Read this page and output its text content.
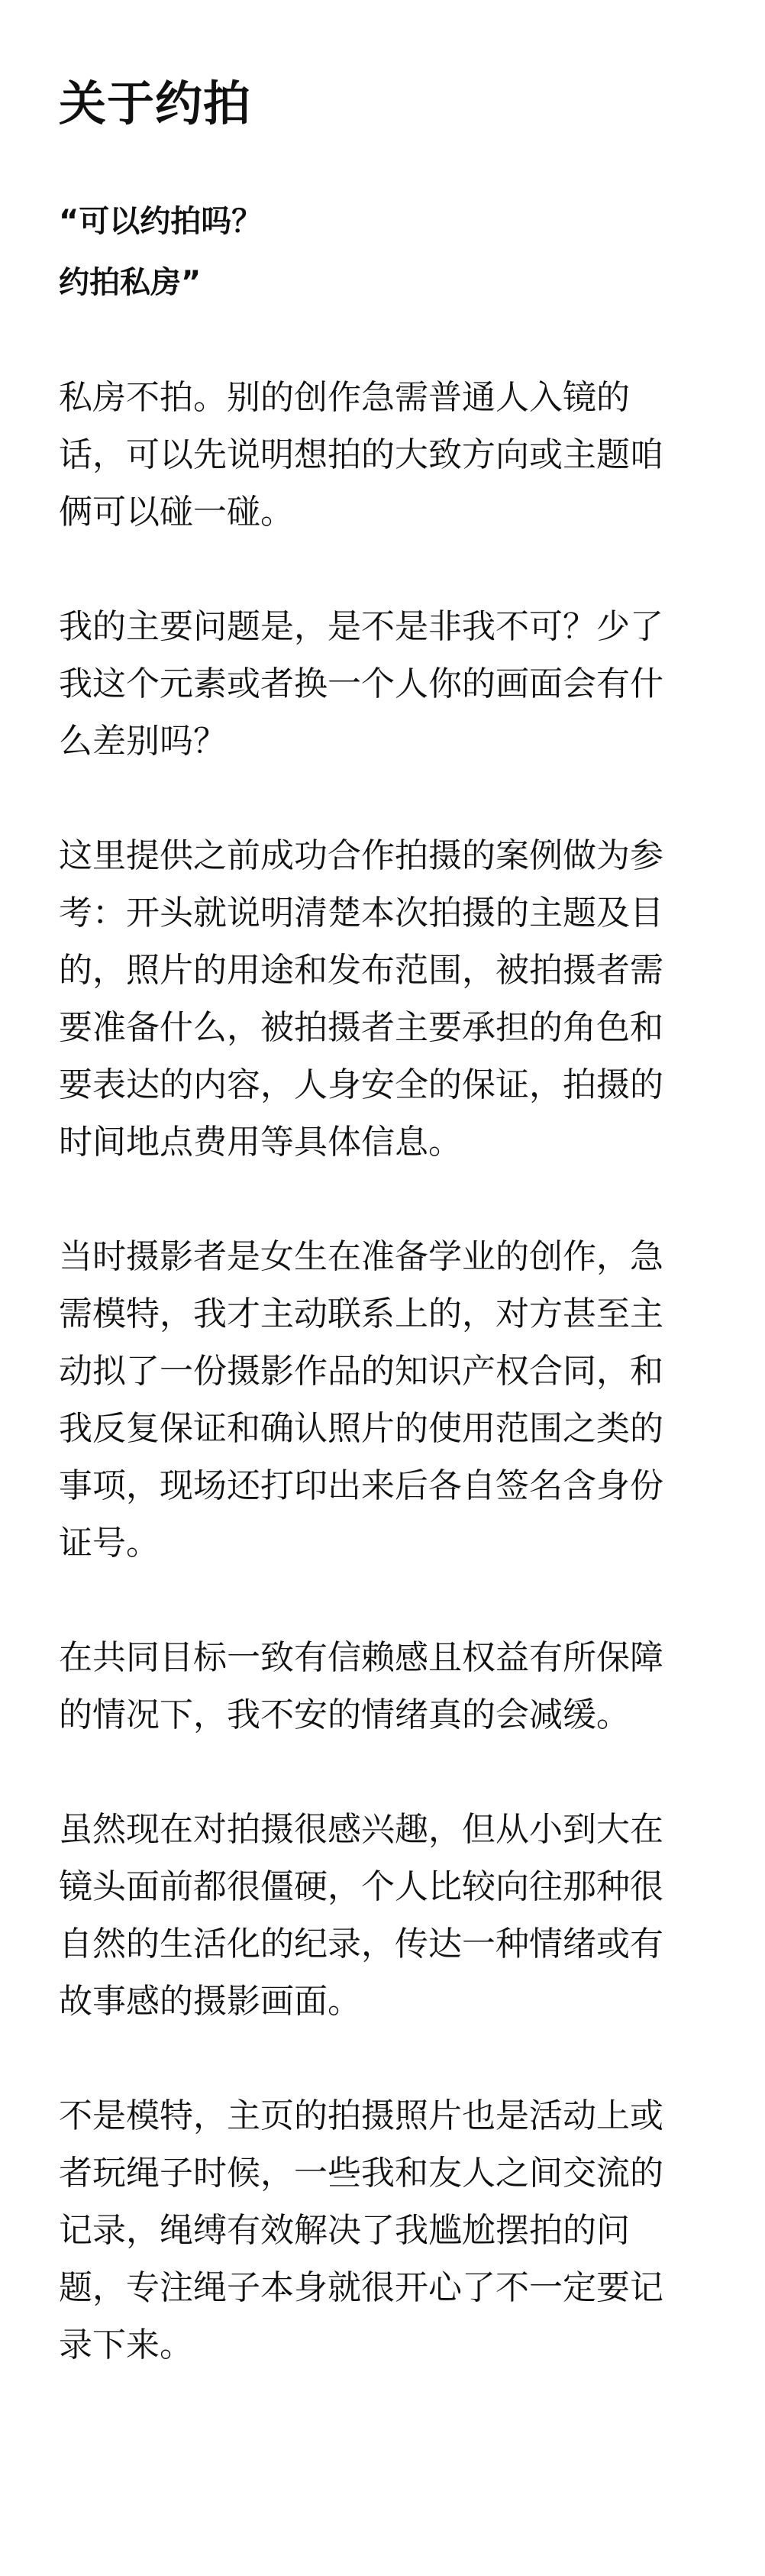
关于约拍
“可以约拍吗？
约拍私房”
私房不拍。别的创作急需普通人入镜的
话，可以先说明想拍的大致方向或主题咱
俩可以碰一碰。
我的主要问题是，是不是非我不可？少了
我这个元素或者换一个人你的画面会有什
么差别吗？
这里提供之前成功合作拍摄的案例做为参
考：开头就说明清楚本次拍摄的主题及目
的，照片的用途和发布范围，被拍摄者需
要准备什么，被拍摄者主要承担的角色和
要表达的内容，人身安全的保证，拍摄的
时间地点费用等具体信息。
当时摄影者是女生在准备学业的创作，急
需模特，我才主动联系上的，对方甚至主
动拟了一份摄影作品的知识产权合同，和
我反复保证和确认照片的使用范围之类的
事项，现场还打印出来后各自签名含身份
证号。
在共同目标一致有信赖感且权益有所保障
的情况下，我不安的情绪真的会减缓。
虽然现在对拍摄很感兴趣，但从小到大在
镜头面前都很僵硬，个人比较向往那种很
自然的生活化的纪录，传达一种情绪或有
故事感的摄影画面。
不是模特，主页的拍摄照片也是活动上或
者玩绳子时候，一些我和友人之间交流的
记录，绳缚有效解决了我尴尬摆拍的问
题，专注绳子本身就很开心了不一定要记
录下来。
